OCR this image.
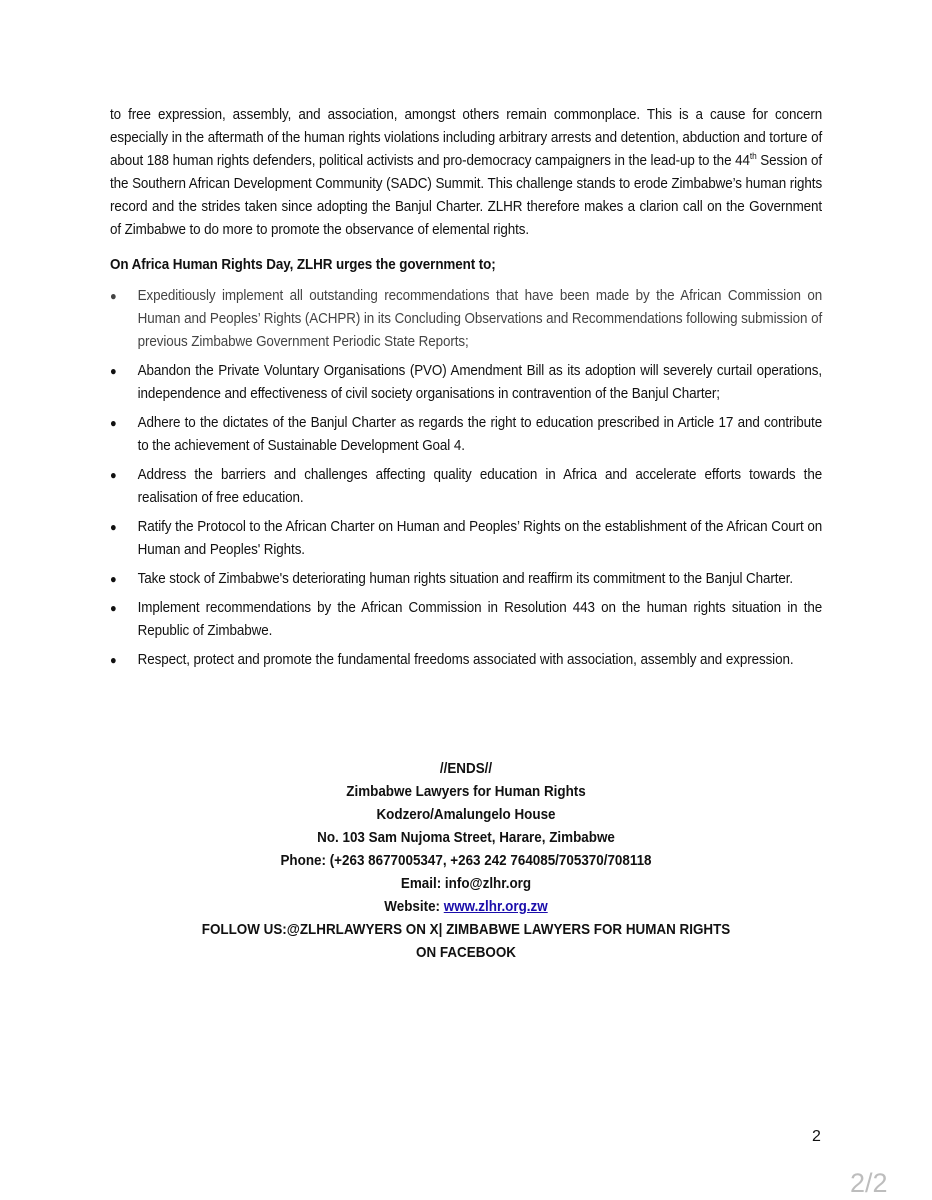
to free expression, assembly, and association, amongst others remain commonplace. This is a cause for concern especially in the aftermath of the human rights violations including arbitrary arrests and detention, abduction and torture of about 188 human rights defenders, political activists and pro-democracy campaigners in the lead-up to the 44th Session of the Southern African Development Community (SADC) Summit. This challenge stands to erode Zimbabwe’s human rights record and the strides taken since adopting the Banjul Charter. ZLHR therefore makes a clarion call on the Government of Zimbabwe to do more to promote the observance of elemental rights.

On Africa Human Rights Day, ZLHR urges the government to;

● Expeditiously implement all outstanding recommendations that have been made by the African Commission on Human and Peoples’ Rights (ACHPR) in its Concluding Observations and Recommendations following submission of previous Zimbabwe Government Periodic State Reports;
● Abandon the Private Voluntary Organisations (PVO) Amendment Bill as its adoption will severely curtail operations, independence and effectiveness of civil society organisations in contravention of the Banjul Charter;
● Adhere to the dictates of the Banjul Charter as regards the right to education prescribed in Article 17 and contribute to the achievement of Sustainable Development Goal 4.
● Address the barriers and challenges affecting quality education in Africa and accelerate efforts towards the realisation of free education.
● Ratify the Protocol to the African Charter on Human and Peoples’ Rights on the establishment of the African Court on Human and Peoples' Rights.
● Take stock of Zimbabwe's deteriorating human rights situation and reaffirm its commitment to the Banjul Charter.
● Implement recommendations by the African Commission in Resolution 443 on the human rights situation in the Republic of Zimbabwe.
● Respect, protect and promote the fundamental freedoms associated with association, assembly and expression.
//ENDS//
Zimbabwe Lawyers for Human Rights
Kodzero/Amalungelo House
No. 103 Sam Nujoma Street, Harare, Zimbabwe
Phone: (+263 8677005347, +263 242 764085/705370/708118
Email: info@zlhr.org
Website: www.zlhr.org.zw
FOLLOW US:@ZLHRLAWYERS ON X| ZIMBABWE LAWYERS FOR HUMAN RIGHTS
ON FACEBOOK
2
2/2
